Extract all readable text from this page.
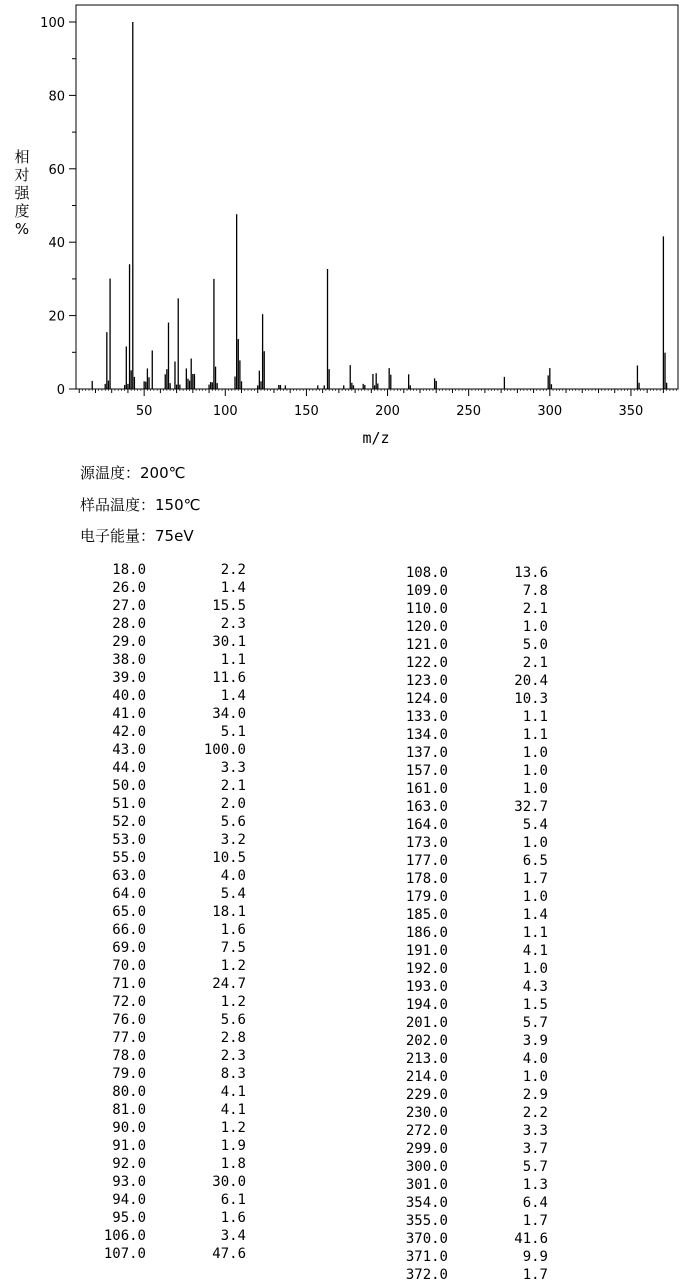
50	100	150	200	250	300	350
0
20
40
60
80
100
m/z
相
对
强
度
%
源温度：200℃
样品温度：150℃
电子能量：75eV
18.0	2.2
26.0	1.4
27.0	15.5
28.0	2.3
29.0	30.1
38.0	1.1
39.0	11.6
40.0	1.4
41.0	34.0
42.0	5.1
43.0	100.0
44.0	3.3
50.0	2.1
51.0	2.0
52.0	5.6
53.0	3.2
55.0	10.5
63.0	4.0
64.0	5.4
65.0	18.1
66.0	1.6
69.0	7.5
70.0	1.2
71.0	24.7
72.0	1.2
76.0	5.6
77.0	2.8
78.0	2.3
79.0	8.3
80.0	4.1
81.0	4.1
90.0	1.2
91.0	1.9
92.0	1.8
93.0	30.0
94.0	6.1
95.0	1.6
106.0	3.4
107.0	47.6
108.0	13.6
109.0	7.8
110.0	2.1
120.0	1.0
121.0	5.0
122.0	2.1
123.0	20.4
124.0	10.3
133.0	1.1
134.0	1.1
137.0	1.0
157.0	1.0
161.0	1.0
163.0	32.7
164.0	5.4
173.0	1.0
177.0	6.5
178.0	1.7
179.0	1.0
185.0	1.4
186.0	1.1
191.0	4.1
192.0	1.0
193.0	4.3
194.0	1.5
201.0	5.7
202.0	3.9
213.0	4.0
214.0	1.0
229.0	2.9
230.0	2.2
272.0	3.3
299.0	3.7
300.0	5.7
301.0	1.3
354.0	6.4
355.0	1.7
370.0	41.6
371.0	9.9
372.0	1.7
